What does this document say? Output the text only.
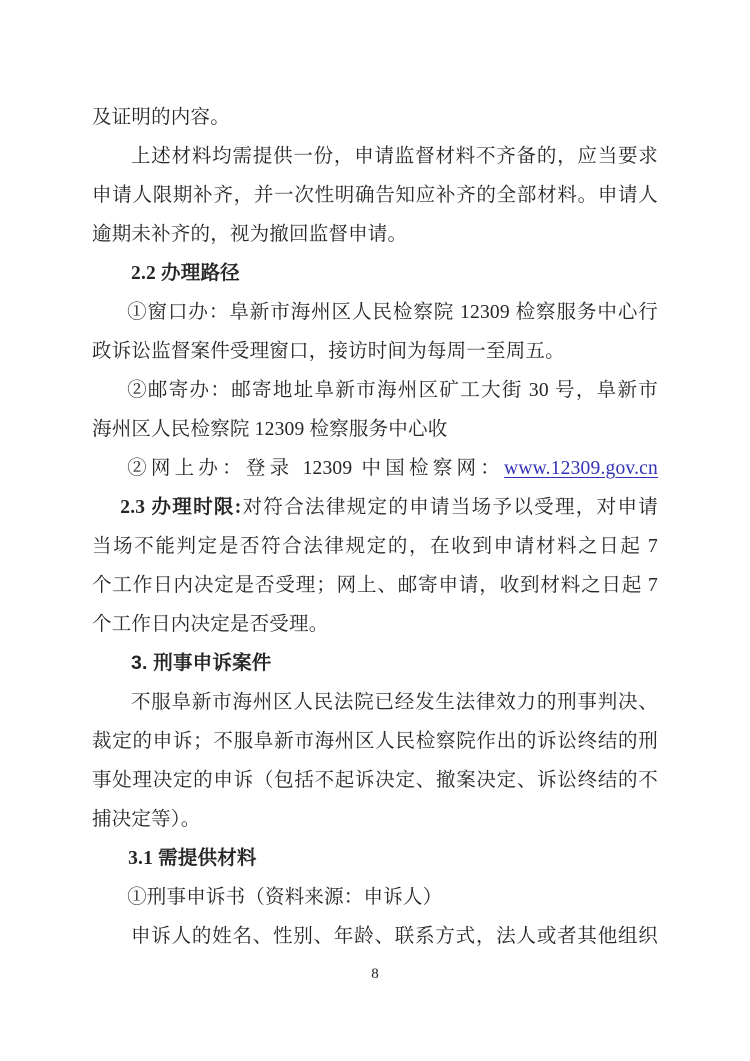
及证明的内容。
上述材料均需提供一份，申请监督材料不齐备的，应当要求
申请人限期补齐，并一次性明确告知应补齐的全部材料。申请人
逾期未补齐的，视为撤回监督申请。
2.2 办理路径
①窗口办：阜新市海州区人民检察院 12309 检察服务中心行
政诉讼监督案件受理窗口，接访时间为每周一至周五。
②邮寄办：邮寄地址阜新市海州区矿工大街 30 号，阜新市
海州区人民检察院 12309 检察服务中心收
②网上办：登录 12309 中国检察网：www.12309.gov.cn
2.3 办理时限:对符合法律规定的申请当场予以受理，对申请
当场不能判定是否符合法律规定的，在收到申请材料之日起 7
个工作日内决定是否受理；网上、邮寄申请，收到材料之日起 7
个工作日内决定是否受理。
3. 刑事申诉案件
不服阜新市海州区人民法院已经发生法律效力的刑事判决、
裁定的申诉；不服阜新市海州区人民检察院作出的诉讼终结的刑
事处理决定的申诉（包括不起诉决定、撤案决定、诉讼终结的不
捕决定等）。
3.1 需提供材料
①刑事申诉书（资料来源：申诉人）
申诉人的姓名、性别、年龄、联系方式，法人或者其他组织
8
